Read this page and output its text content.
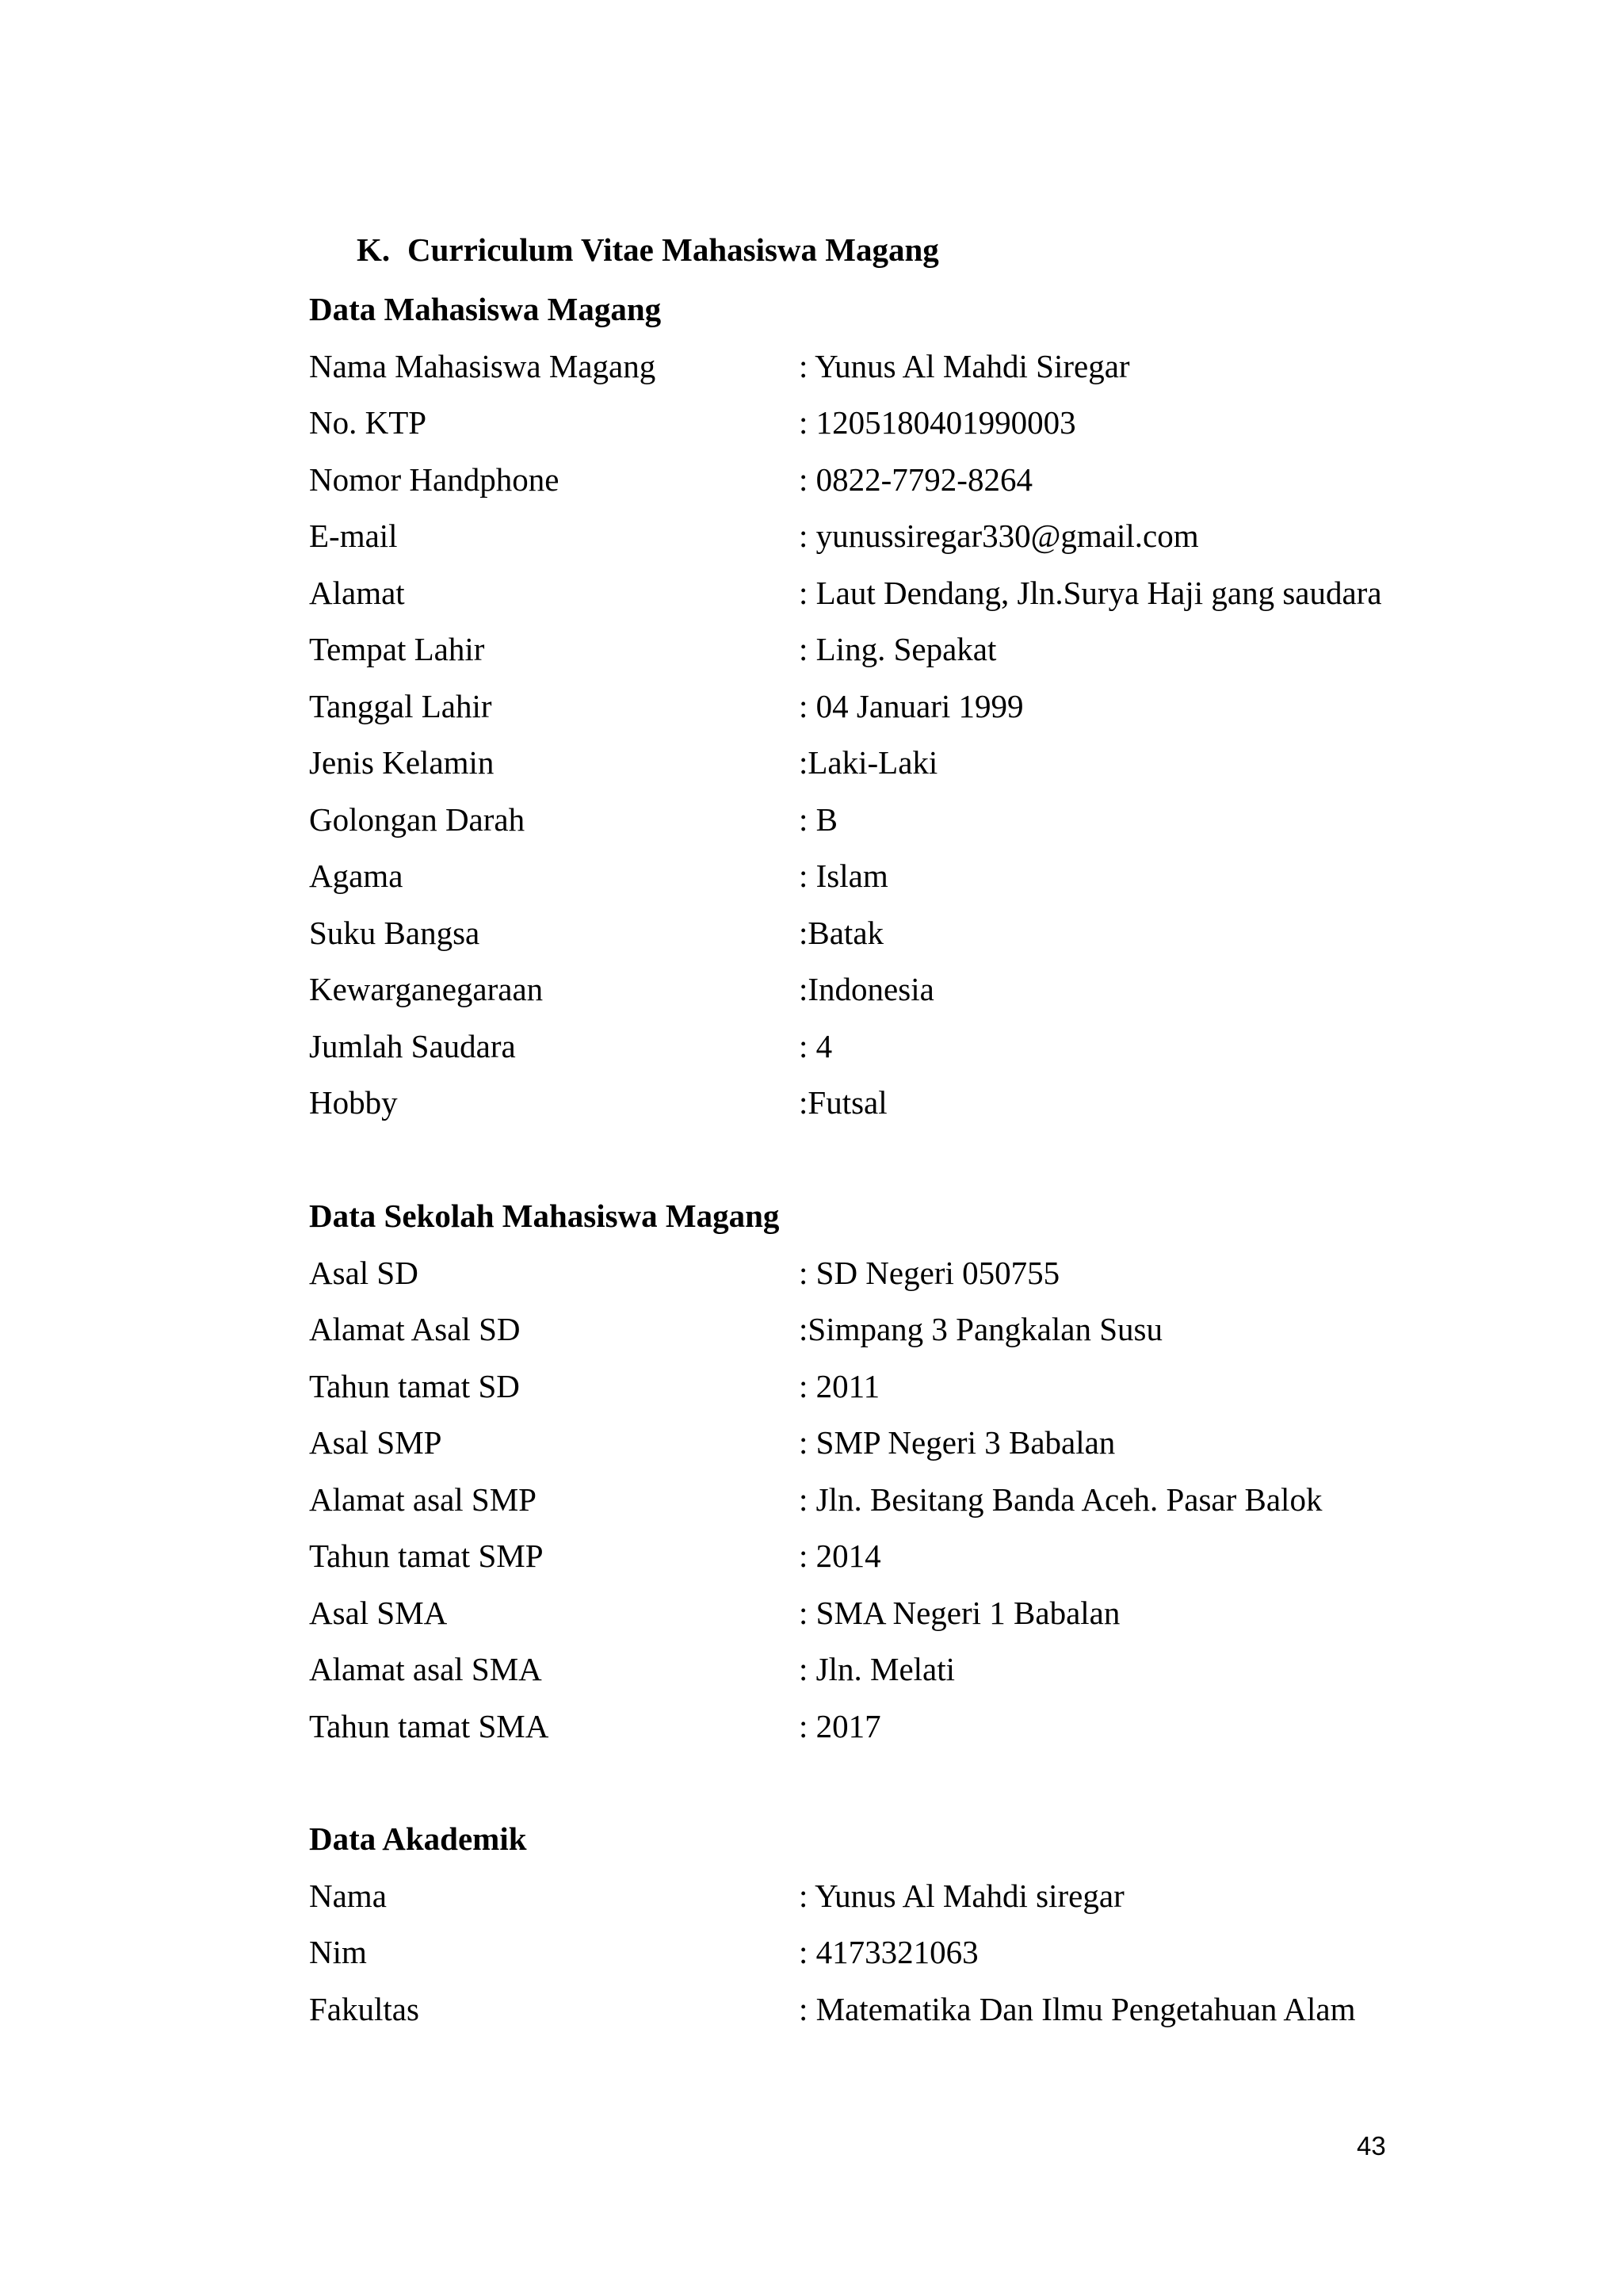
K. Curriculum Vitae Mahasiswa Magang
Data Mahasiswa Magang
Nama Mahasiswa Magang	: Yunus Al Mahdi Siregar
No. KTP	: 1205180401990003
Nomor Handphone	: 0822-7792-8264
E-mail	: yunussiregar330@gmail.com
Alamat	: Laut Dendang, Jln.Surya Haji gang saudara
Tempat Lahir	: Ling. Sepakat
Tanggal Lahir	: 04 Januari 1999
Jenis Kelamin	:Laki-Laki
Golongan Darah	: B
Agama	: Islam
Suku Bangsa	:Batak
Kewarganegaraan	:Indonesia
Jumlah Saudara	: 4
Hobby	:Futsal
Data Sekolah Mahasiswa Magang
Asal SD	: SD Negeri 050755
Alamat Asal SD	:Simpang 3 Pangkalan Susu
Tahun tamat SD	: 2011
Asal SMP	: SMP Negeri 3 Babalan
Alamat asal SMP	: Jln. Besitang Banda Aceh. Pasar Balok
Tahun tamat SMP	: 2014
Asal SMA	: SMA Negeri 1 Babalan
Alamat asal SMA	: Jln. Melati
Tahun tamat SMA	: 2017
Data Akademik
Nama	: Yunus Al Mahdi siregar
Nim	: 4173321063
Fakultas	: Matematika Dan Ilmu Pengetahuan Alam
43
